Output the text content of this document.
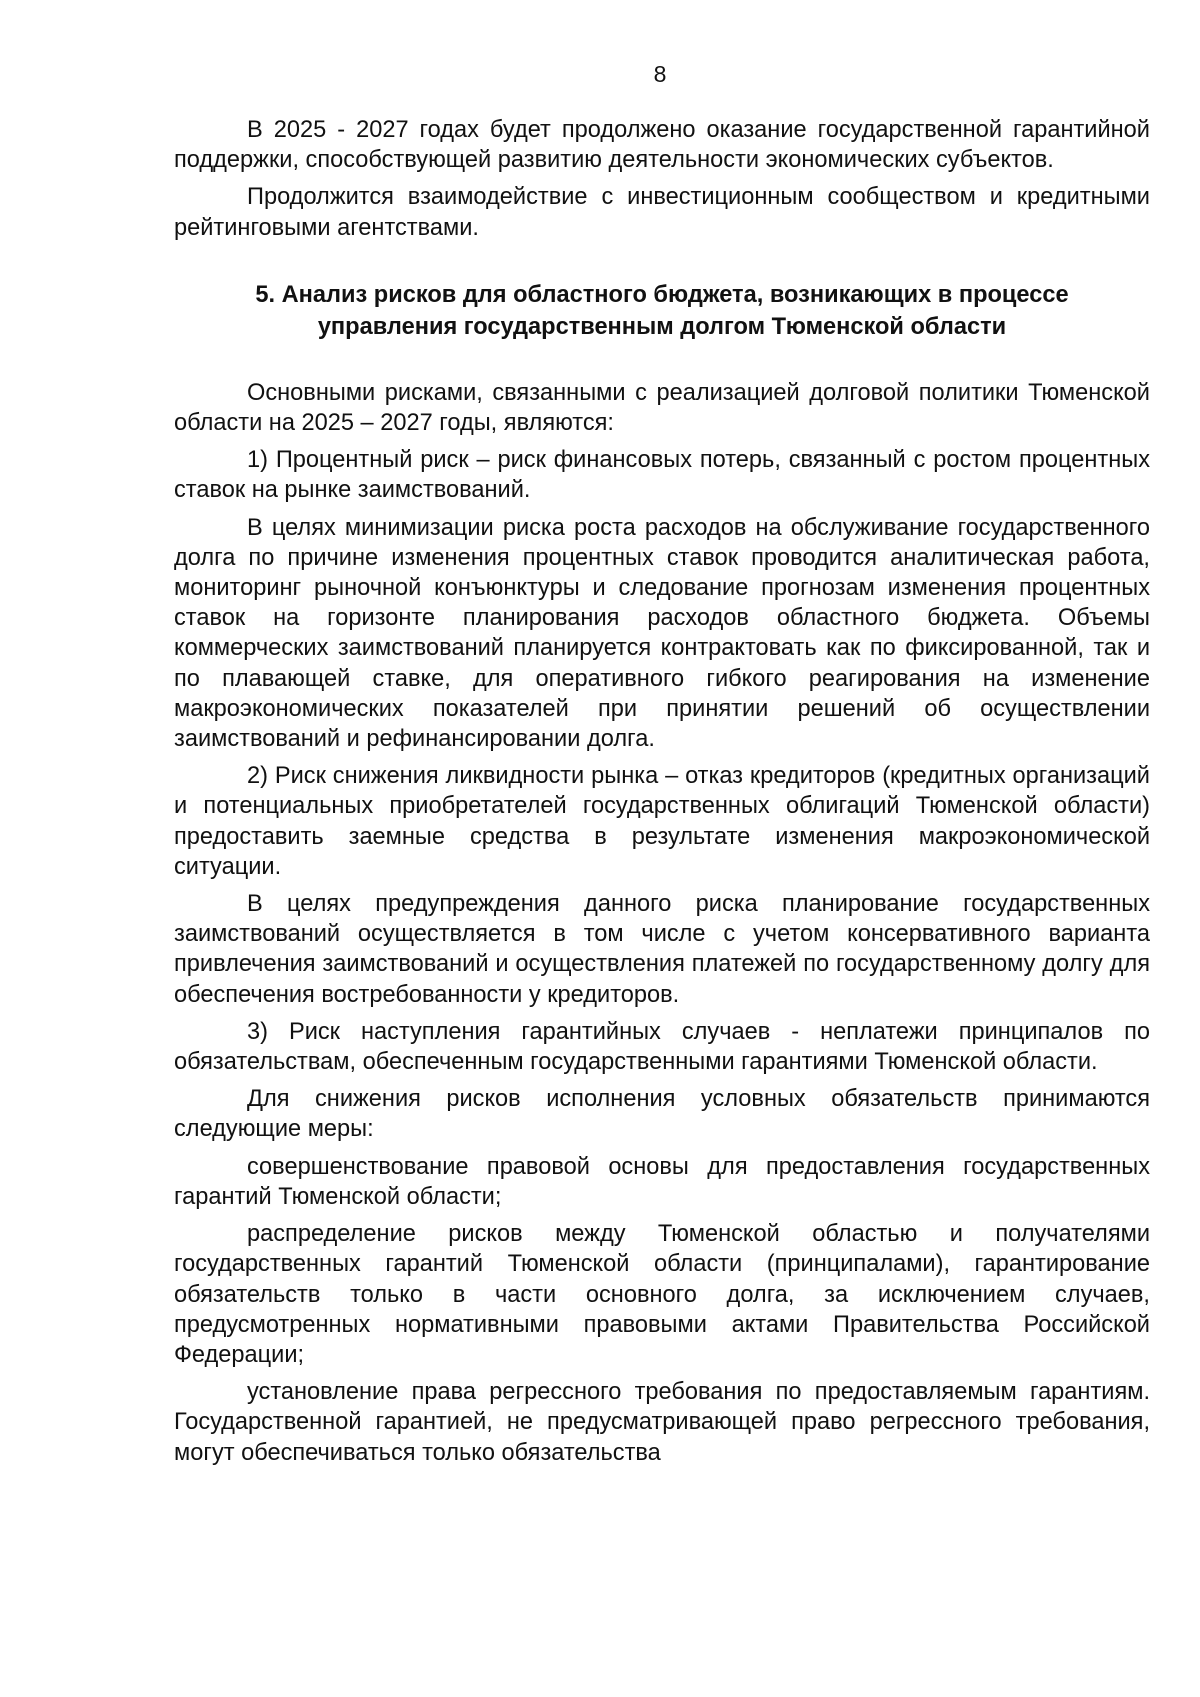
8

В 2025 - 2027 годах будет продолжено оказание государственной гарантийной поддержки, способствующей развитию деятельности экономических субъектов.

Продолжится взаимодействие с инвестиционным сообществом и кредитными рейтинговыми агентствами.

5. Анализ рисков для областного бюджета, возникающих в процессе
управления государственным долгом Тюменской области

Основными рисками, связанными с реализацией долговой политики Тюменской области на 2025 – 2027 годы, являются:

1) Процентный риск – риск финансовых потерь, связанный с ростом процентных ставок на рынке заимствований.

В целях минимизации риска роста расходов на обслуживание государственного долга по причине изменения процентных ставок проводится аналитическая работа, мониторинг рыночной конъюнктуры и следование прогнозам изменения процентных ставок на горизонте планирования расходов областного бюджета. Объемы коммерческих заимствований планируется контрактовать как по фиксированной, так и по плавающей ставке, для оперативного гибкого реагирования на изменение макроэкономических показателей при принятии решений об осуществлении заимствований и рефинансировании долга.

2) Риск снижения ликвидности рынка – отказ кредиторов (кредитных организаций и потенциальных приобретателей государственных облигаций Тюменской области) предоставить заемные средства в результате изменения макроэкономической ситуации.

В целях предупреждения данного риска планирование государственных заимствований осуществляется в том числе с учетом консервативного варианта привлечения заимствований и осуществления платежей по государственному долгу для обеспечения востребованности у кредиторов.

3) Риск наступления гарантийных случаев - неплатежи принципалов по обязательствам, обеспеченным государственными гарантиями Тюменской области.

Для снижения рисков исполнения условных обязательств принимаются следующие меры:

совершенствование правовой основы для предоставления государственных гарантий Тюменской области;

распределение рисков между Тюменской областью и получателями государственных гарантий Тюменской области (принципалами), гарантирование обязательств только в части основного долга, за исключением случаев, предусмотренных нормативными правовыми актами Правительства Российской Федерации;

установление права регрессного требования по предоставляемым гарантиям. Государственной гарантией, не предусматривающей право регрессного требования, могут обеспечиваться только обязательства
